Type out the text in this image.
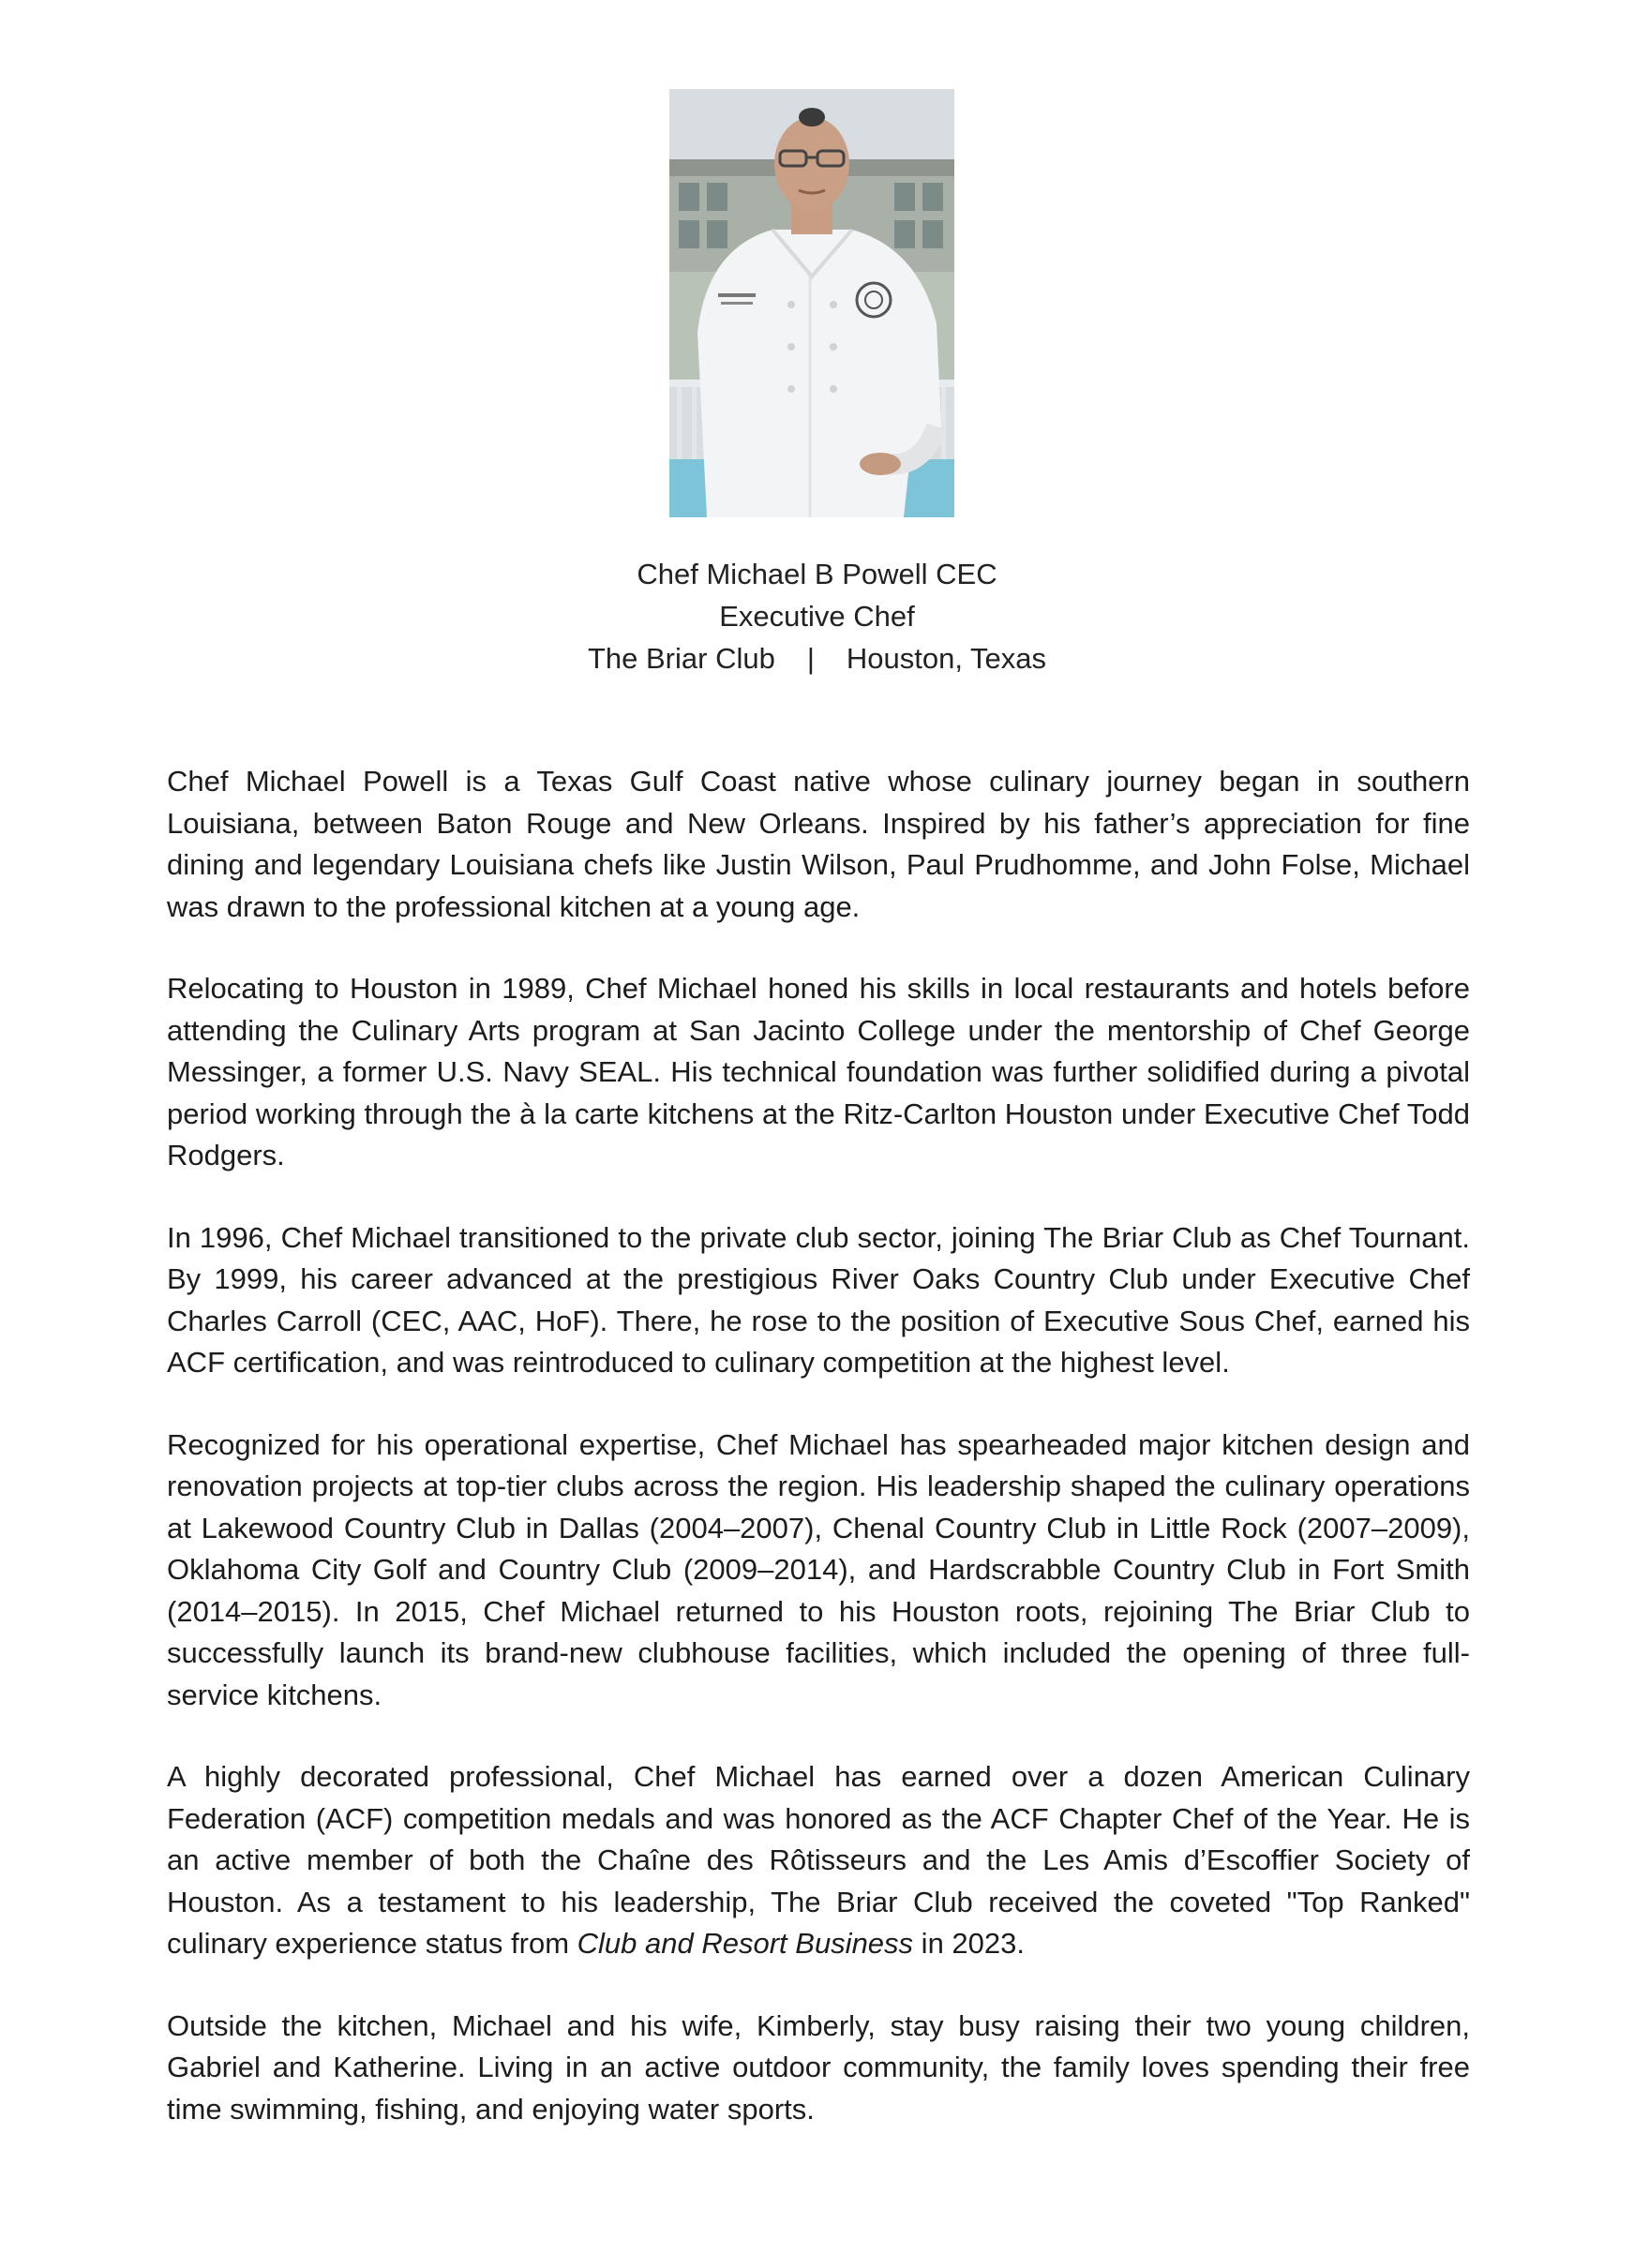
Chef Michael B Powell CEC
Executive Chef
The Briar Club | Houston, Texas

Chef Michael Powell is a Texas Gulf Coast native whose culinary journey began in southern Louisiana, between Baton Rouge and New Orleans. Inspired by his father’s appreciation for fine dining and legendary Louisiana chefs like Justin Wilson, Paul Prudhomme, and John Folse, Michael was drawn to the professional kitchen at a young age.

Relocating to Houston in 1989, Chef Michael honed his skills in local restaurants and hotels before attending the Culinary Arts program at San Jacinto College under the mentorship of Chef George Messinger, a former U.S. Navy SEAL. His technical foundation was further solidified during a pivotal period working through the à la carte kitchens at the Ritz-Carlton Houston under Executive Chef Todd Rodgers.

In 1996, Chef Michael transitioned to the private club sector, joining The Briar Club as Chef Tournant. By 1999, his career advanced at the prestigious River Oaks Country Club under Executive Chef Charles Carroll (CEC, AAC, HoF). There, he rose to the position of Executive Sous Chef, earned his ACF certification, and was reintroduced to culinary competition at the highest level.

Recognized for his operational expertise, Chef Michael has spearheaded major kitchen design and renovation projects at top-tier clubs across the region. His leadership shaped the culinary operations at Lakewood Country Club in Dallas (2004–2007), Chenal Country Club in Little Rock (2007–2009), Oklahoma City Golf and Country Club (2009–2014), and Hardscrabble Country Club in Fort Smith (2014–2015). In 2015, Chef Michael returned to his Houston roots, rejoining The Briar Club to successfully launch its brand-new clubhouse facilities, which included the opening of three full-service kitchens.

A highly decorated professional, Chef Michael has earned over a dozen American Culinary Federation (ACF) competition medals and was honored as the ACF Chapter Chef of the Year. He is an active member of both the Chaîne des Rôtisseurs and the Les Amis d’Escoffier Society of Houston. As a testament to his leadership, The Briar Club received the coveted "Top Ranked" culinary experience status from Club and Resort Business in 2023.

Outside the kitchen, Michael and his wife, Kimberly, stay busy raising their two young children, Gabriel and Katherine. Living in an active outdoor community, the family loves spending their free time swimming, fishing, and enjoying water sports.
